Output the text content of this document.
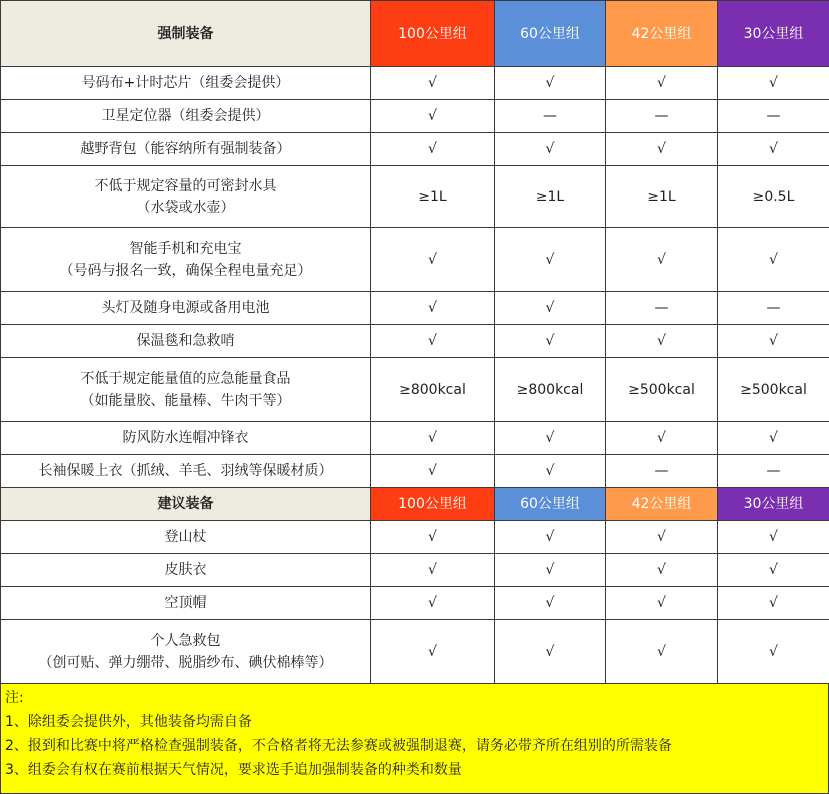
强制装备	100公里组	60公里组	42公里组	30公里组

号码布+计时芯片（组委会提供）	√	√	√	√

卫星定位器（组委会提供）	√	—	—	—

越野背包（能容纳所有强制装备）	√	√	√	√

不低于规定容量的可密封水具
（水袋或水壶）	≥1L	≥1L	≥1L	≥0.5L

智能手机和充电宝
（号码与报名一致，确保全程电量充足）	√	√	√	√

头灯及随身电源或备用电池	√	√	—	—

保温毯和急救哨	√	√	√	√

不低于规定能量值的应急能量食品
（如能量胶、能量棒、牛肉干等）	≥800kcal	≥800kcal	≥500kcal	≥500kcal

防风防水连帽冲锋衣	√	√	√	√

长袖保暖上衣（抓绒、羊毛、羽绒等保暖材质）	√	√	—	—
建议装备	100公里组	60公里组	42公里组	30公里组

登山杖	√	√	√	√

皮肤衣	√	√	√	√

空顶帽	√	√	√	√

个人急救包
（创可贴、弹力绷带、脱脂纱布、碘伏棉棒等）	√	√	√	√
注:
1、除组委会提供外，其他装备均需自备
2、报到和比赛中将严格检查强制装备，不合格者将无法参赛或被强制退赛，请务必带齐所在组别的所需装备
3、组委会有权在赛前根据天气情况，要求选手追加强制装备的种类和数量
